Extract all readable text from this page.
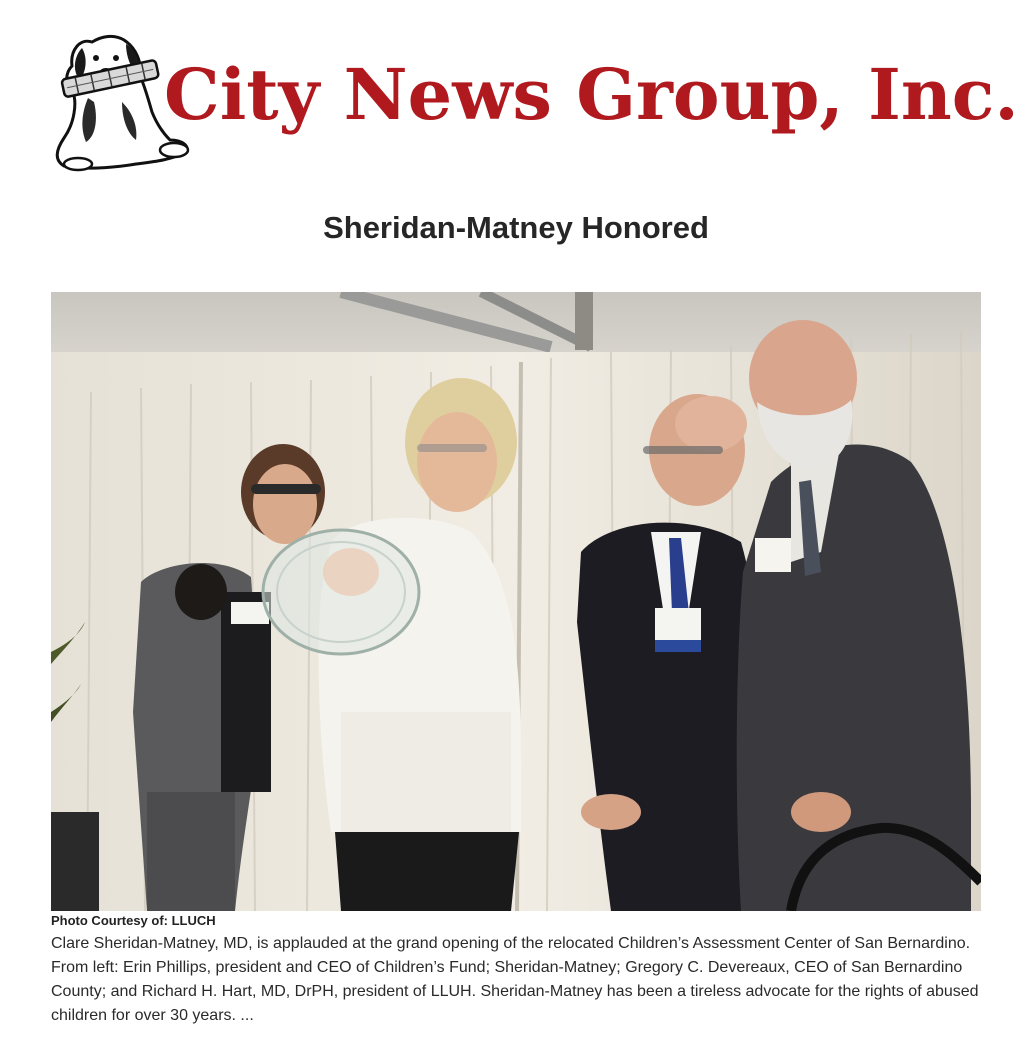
City News Group, Inc.
Sheridan-Matney Honored
Photo Courtesy of: LLUCH

Clare Sheridan-Matney, MD, is applauded at the grand opening of the relocated Children’s Assessment Center of San Bernardino. From left: Erin Phillips, president and CEO of Children’s Fund; Sheridan-Matney; Gregory C. Devereaux, CEO of San Bernardino County; and Richard H. Hart, MD, DrPH, president of LLUH. Sheridan-Matney has been a tireless advocate for the rights of abused children for over 30 years. ...
